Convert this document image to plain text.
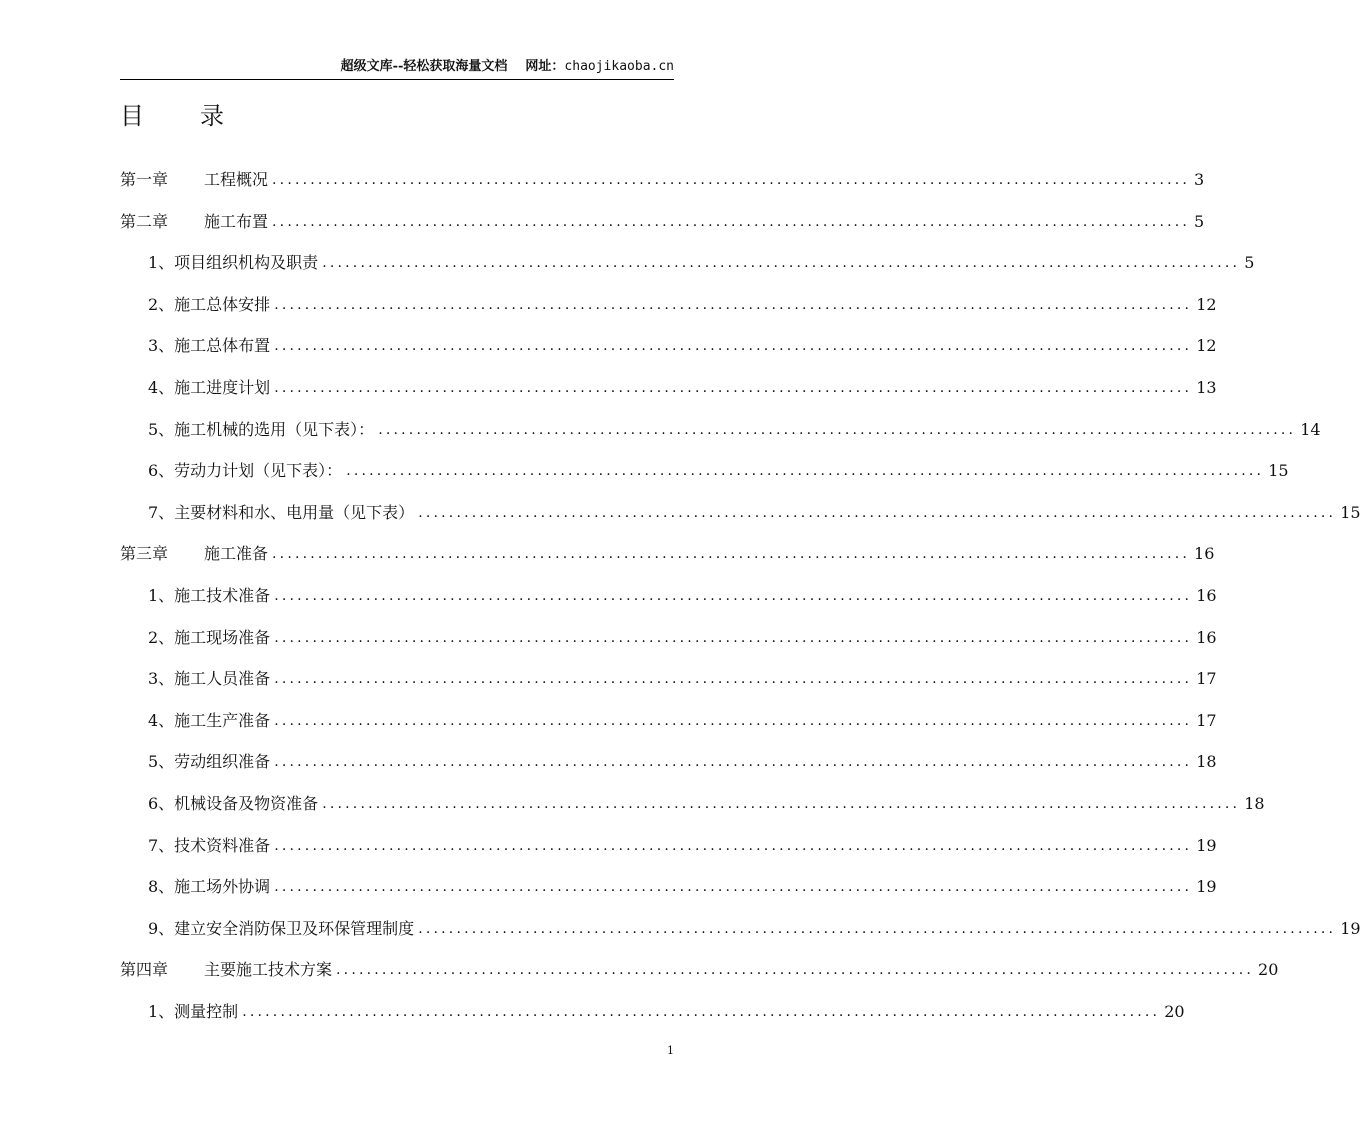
超级文库--轻松获取海量文档 网址：chaojikaoba.cn
目 录
第一章 工程概况 ........................................................................................................................ 3
第二章 施工布置 ........................................................................................................................ 5
1、项目组织机构及职责 ........................................................................................................................ 5
2、施工总体安排 ........................................................................................................................ 12
3、施工总体布置 ........................................................................................................................ 12
4、施工进度计划 ........................................................................................................................ 13
5、施工机械的选用（见下表）： ........................................................................................................................ 14
6、劳动力计划（见下表）： ........................................................................................................................ 15
7、主要材料和水、电用量（见下表） ........................................................................................................................ 15
第三章 施工准备 ........................................................................................................................ 16
1、施工技术准备 ........................................................................................................................ 16
2、施工现场准备 ........................................................................................................................ 16
3、施工人员准备 ........................................................................................................................ 17
4、施工生产准备 ........................................................................................................................ 17
5、劳动组织准备 ........................................................................................................................ 18
6、机械设备及物资准备 ........................................................................................................................ 18
7、技术资料准备 ........................................................................................................................ 19
8、施工场外协调 ........................................................................................................................ 19
9、建立安全消防保卫及环保管理制度 ........................................................................................................................ 19
第四章 主要施工技术方案 ........................................................................................................................ 20
1、测量控制 ........................................................................................................................ 20
1
